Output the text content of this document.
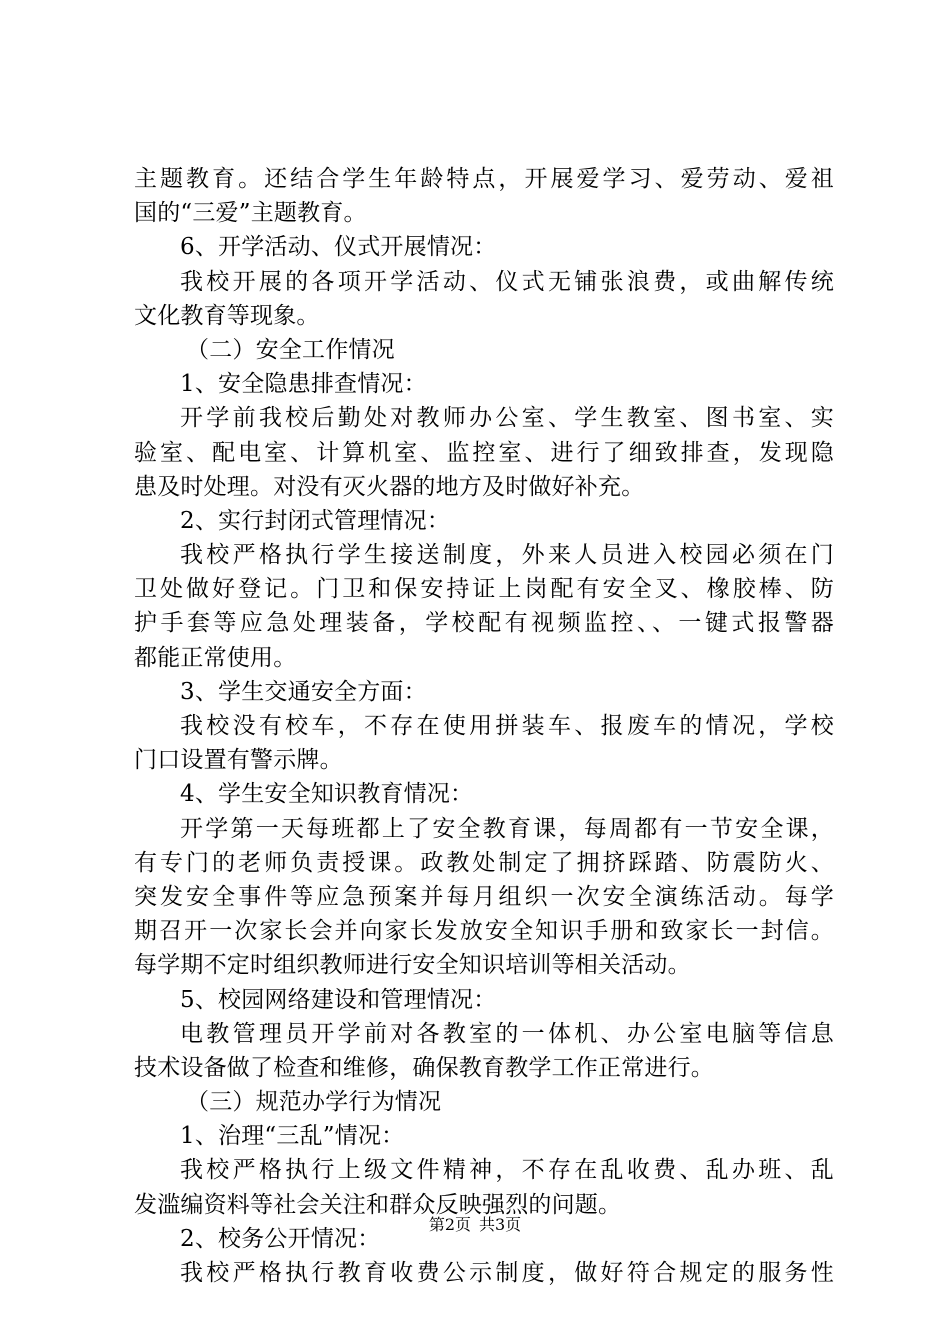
主题教育。还结合学生年龄特点，开展爱学习、爱劳动、爱祖
国的“三爱”主题教育。
6、开学活动、仪式开展情况：
我校开展的各项开学活动、仪式无铺张浪费，或曲解传统
文化教育等现象。
（二）安全工作情况
1、安全隐患排查情况：
开学前我校后勤处对教师办公室、学生教室、图书室、实
验室、配电室、计算机室、监控室、进行了细致排查，发现隐
患及时处理。对没有灭火器的地方及时做好补充。
2、实行封闭式管理情况：
我校严格执行学生接送制度，外来人员进入校园必须在门
卫处做好登记。门卫和保安持证上岗配有安全叉、橡胶棒、防
护手套等应急处理装备，学校配有视频监控、、一键式报警器
都能正常使用。
3、学生交通安全方面：
我校没有校车，不存在使用拼装车、报废车的情况，学校
门口设置有警示牌。
4、学生安全知识教育情况：
开学第一天每班都上了安全教育课，每周都有一节安全课，
有专门的老师负责授课。政教处制定了拥挤踩踏、防震防火、
突发安全事件等应急预案并每月组织一次安全演练活动。每学
期召开一次家长会并向家长发放安全知识手册和致家长一封信。
每学期不定时组织教师进行安全知识培训等相关活动。
5、校园网络建设和管理情况：
电教管理员开学前对各教室的一体机、办公室电脑等信息
技术设备做了检查和维修，确保教育教学工作正常进行。
（三）规范办学行为情况
1、治理“三乱”情况：
我校严格执行上级文件精神，不存在乱收费、乱办班、乱
发滥编资料等社会关注和群众反映强烈的问题。
2、校务公开情况：
我校严格执行教育收费公示制度，做好符合规定的服务性
第2页 共3页
